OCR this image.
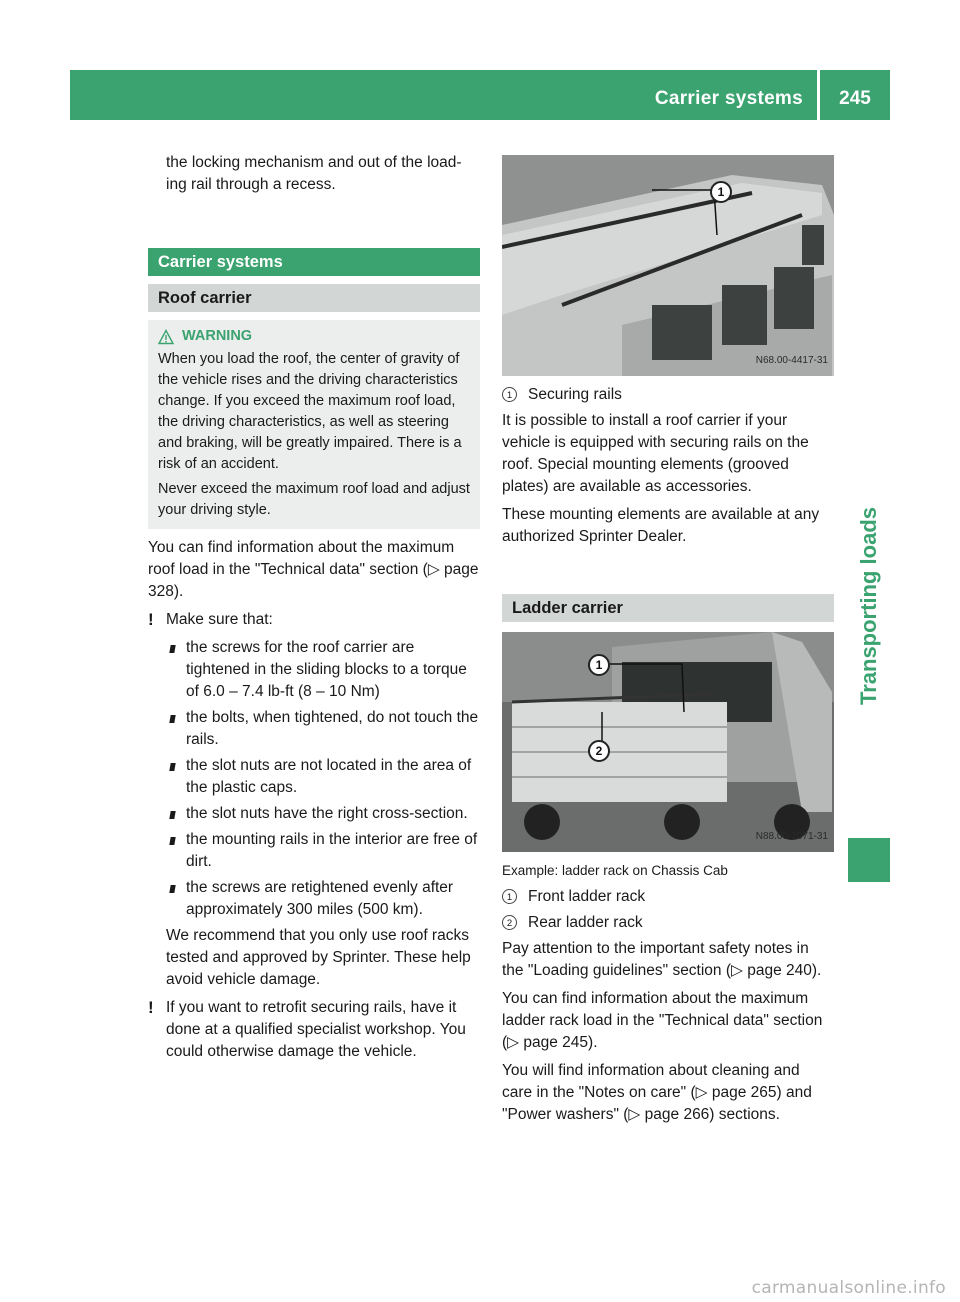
Carrier systems	245
Transporting loads
the locking mechanism and out of the load-
ing rail through a recess.
Carrier systems
Roof carrier
WARNING
When you load the roof, the center of gravity of the vehicle rises and the driving characteristics change. If you exceed the maximum roof load, the driving characteristics, as well as steering and braking, will be greatly impaired. There is a risk of an accident.
Never exceed the maximum roof load and adjust your driving style.
You can find information about the maximum roof load in the "Technical data" section (▷ page 328).
! Make sure that:
the screws for the roof carrier are tightened in the sliding blocks to a torque of 6.0 – 7.4 lb-ft (8 – 10 Nm)
the bolts, when tightened, do not touch the rails.
the slot nuts are not located in the area of the plastic caps.
the slot nuts have the right cross-section.
the mounting rails in the interior are free of dirt.
the screws are retightened evenly after approximately 300 miles (500 km).
We recommend that you only use roof racks tested and approved by Sprinter. These help avoid vehicle damage.
! If you want to retrofit securing rails, have it done at a qualified specialist workshop. You could otherwise damage the vehicle.
1
N68.00-4417-31
1	Securing rails
It is possible to install a roof carrier if your vehicle is equipped with securing rails on the roof. Special mounting elements (grooved plates) are available as accessories.
These mounting elements are available at any authorized Sprinter Dealer.
Ladder carrier
1
2
N88.00-2071-31
Example: ladder rack on Chassis Cab
1	Front ladder rack
2	Rear ladder rack
Pay attention to the important safety notes in the "Loading guidelines" section (▷ page 240).
You can find information about the maximum ladder rack load in the "Technical data" section (▷ page 245).
You will find information about cleaning and care in the "Notes on care" (▷ page 265) and "Power washers" (▷ page 266) sections.
carmanualsonline.info
